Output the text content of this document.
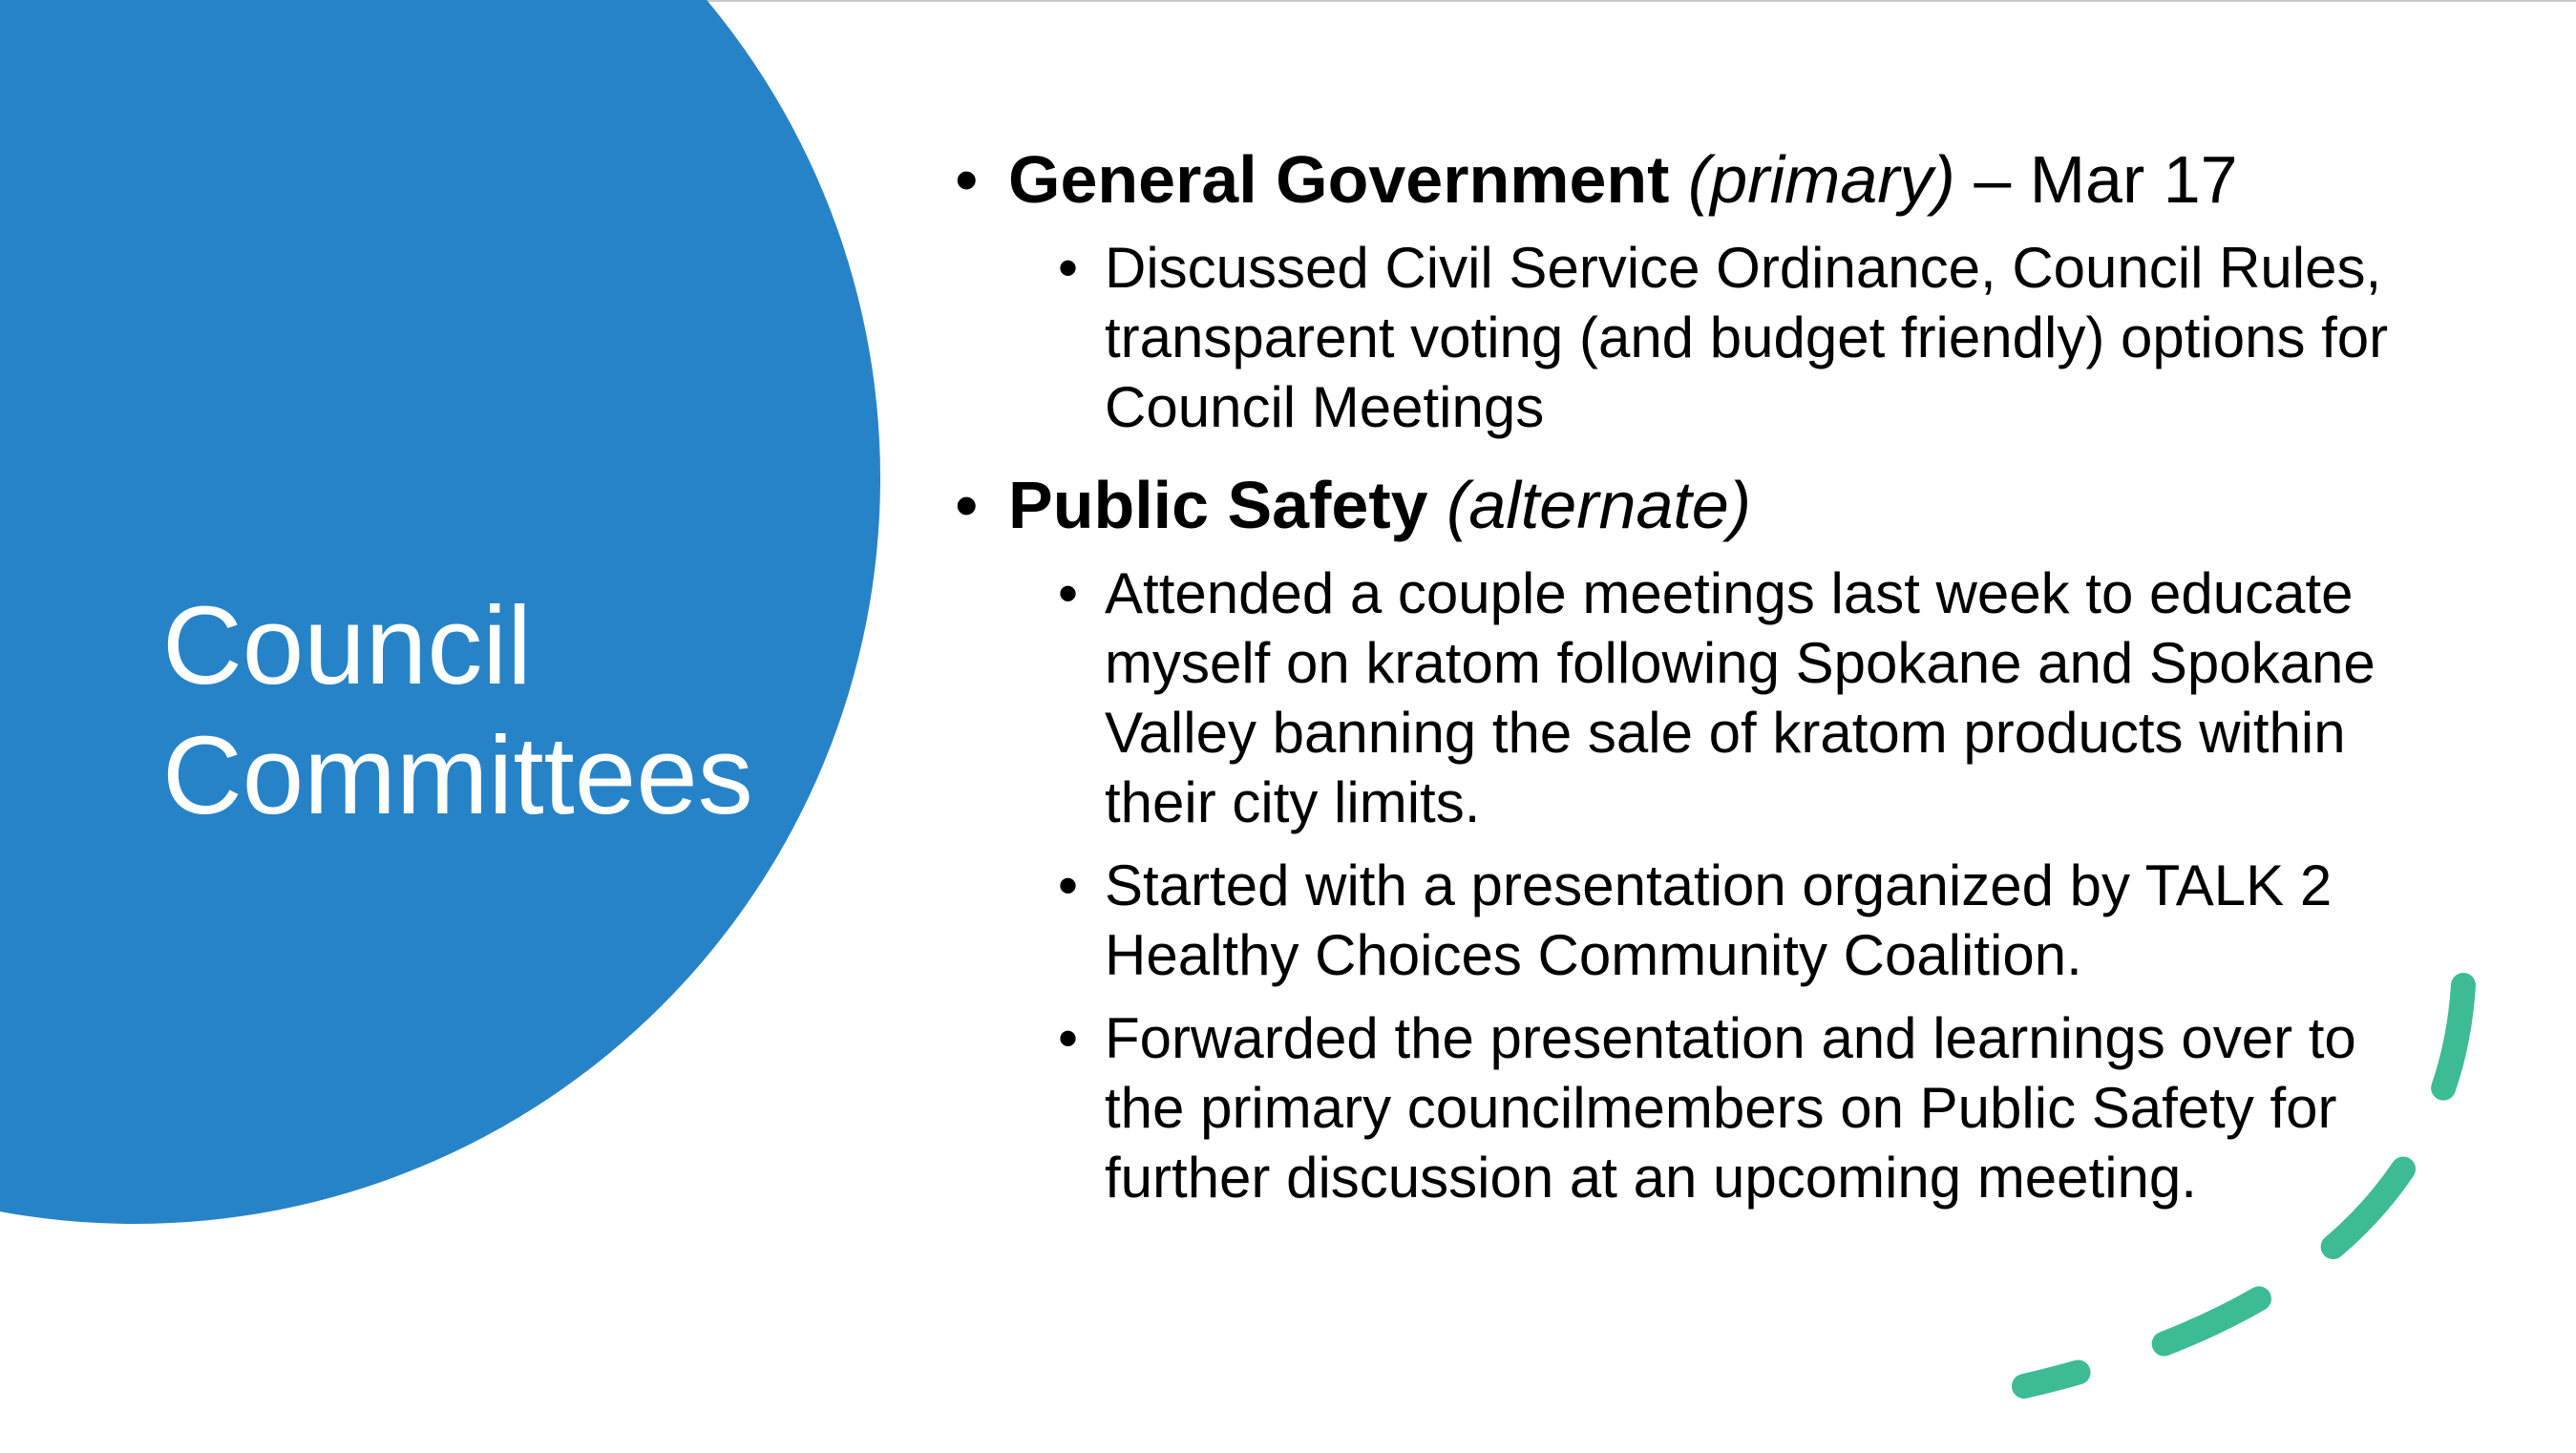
Council
Committees

• General Government (primary) – Mar 17

• Discussed Civil Service Ordinance, Council Rules, transparent voting (and budget friendly) options for Council Meetings

• Public Safety (alternate)

• Attended a couple meetings last week to educate myself on kratom following Spokane and Spokane Valley banning the sale of kratom products within their city limits.
• Started with a presentation organized by TALK 2 Healthy Choices Community Coalition.
• Forwarded the presentation and learnings over to the primary councilmembers on Public Safety for further discussion at an upcoming meeting.
